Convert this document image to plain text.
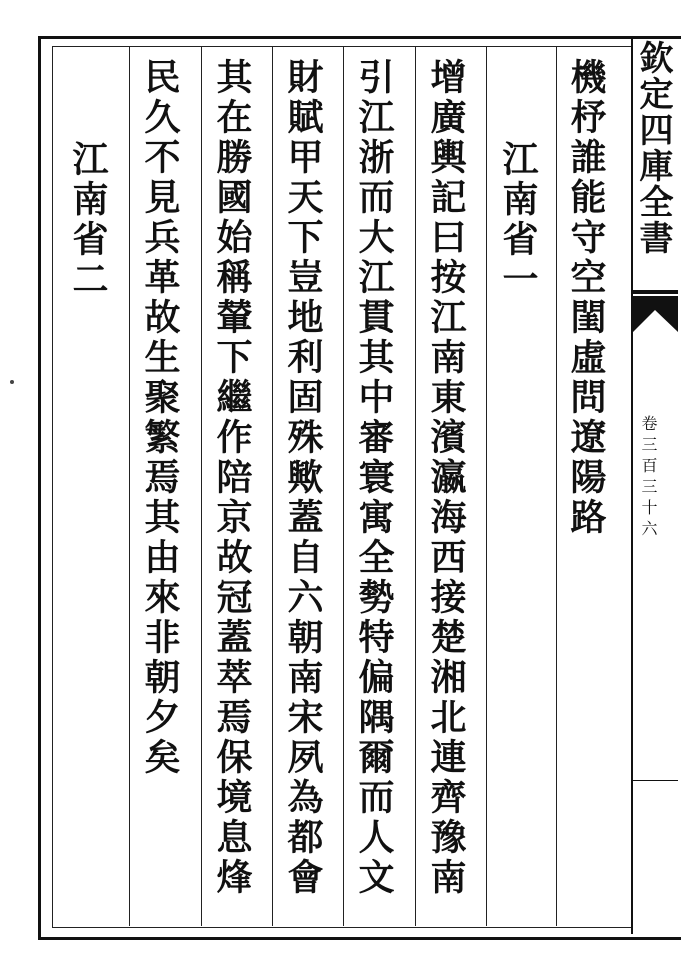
機杼誰能守空閨虛問遼陽路
江南省一
增廣輿記曰按江南東濱瀛海西接楚湘北連齊豫南
引江浙而大江貫其中審寰寓全勢特偏隅爾而人文
財賦甲天下豈地利固殊歟蓋自六朝南宋夙為都會
其在勝國始稱輦下繼作陪京故冠蓋萃焉保境息烽
民久不見兵革故生聚繁焉其由來非朝夕矣
江南省二	欽定四庫全書
卷三百三十六
